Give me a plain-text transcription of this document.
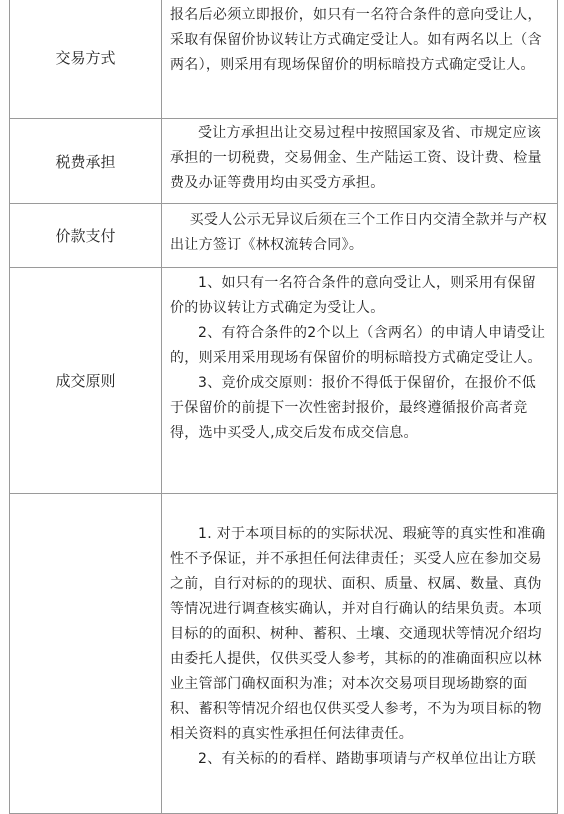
交易方式	报名后必须立即报价，如只有一名符合条件的意向受让人，采取有保留价协议转让方式确定受让人。如有两名以上（含两名），则采用有现场保留价的明标暗投方式确定受让人。

税费承担	受让方承担出让交易过程中按照国家及省、市规定应该承担的一切税费，交易佣金、生产陆运工资、设计费、检量费及办证等费用均由买受方承担。

价款支付	买受人公示无异议后须在三个工作日内交清全款并与产权出让方签订《林权流转合同》。

成交原则	1、如只有一名符合条件的意向受让人，则采用有保留价的协议转让方式确定为受让人。
2、有符合条件的2个以上（含两名）的申请人申请受让的，则采用采用现场有保留价的明标暗投方式确定受让人。
3、竞价成交原则：报价不得低于保留价，在报价不低于保留价的前提下一次性密封报价，最终遵循报价高者竞得，选中买受人,成交后发布成交信息。

	1. 对于本项目标的的实际状况、瑕疵等的真实性和准确性不予保证，并不承担任何法律责任；买受人应在参加交易之前，自行对标的的现状、面积、质量、权属、数量、真伪等情况进行调查核实确认，并对自行确认的结果负责。本项目标的的面积、树种、蓄积、土壤、交通现状等情况介绍均由委托人提供，仅供买受人参考，其标的的准确面积应以林业主管部门确权面积为准；对本次交易项目现场勘察的面积、蓄积等情况介绍也仅供买受人参考，不为为项目标的物相关资料的真实性承担任何法律责任。
2、有关标的的看样、踏勘事项请与产权单位出让方联
